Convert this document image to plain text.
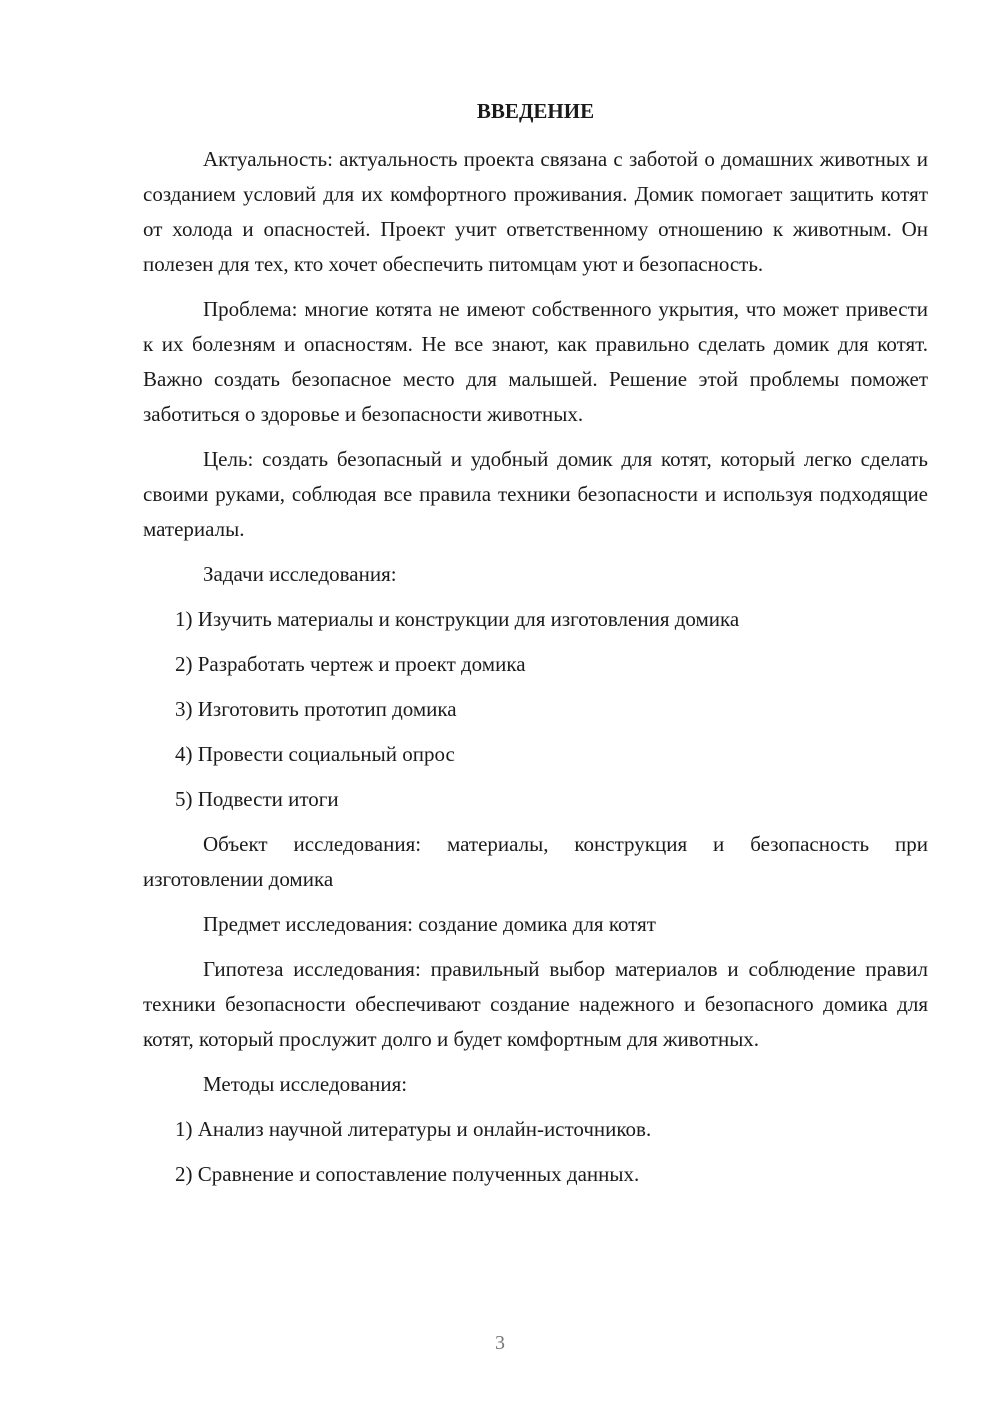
ВВЕДЕНИЕ

Актуальность: актуальность проекта связана с заботой о домашних животных и созданием условий для их комфортного проживания. Домик помогает защитить котят от холода и опасностей. Проект учит ответственному отношению к животным. Он полезен для тех, кто хочет обеспечить питомцам уют и безопасность.

Проблема: многие котята не имеют собственного укрытия, что может привести к их болезням и опасностям. Не все знают, как правильно сделать домик для котят. Важно создать безопасное место для малышей. Решение этой проблемы поможет заботиться о здоровье и безопасности животных.

Цель: создать безопасный и удобный домик для котят, который легко сделать своими руками, соблюдая все правила техники безопасности и используя подходящие материалы.

Задачи исследования:

1) Изучить материалы и конструкции для изготовления домика
2) Разработать чертеж и проект домика
3) Изготовить прототип домика
4) Провести социальный опрос
5) Подвести итоги

Объект исследования: материалы, конструкция и безопасность при изготовлении домика

Предмет исследования: создание домика для котят

Гипотеза исследования: правильный выбор материалов и соблюдение правил техники безопасности обеспечивают создание надежного и безопасного домика для котят, который прослужит долго и будет комфортным для животных.

Методы исследования:

1) Анализ научной литературы и онлайн-источников.
2) Сравнение и сопоставление полученных данных.
3
